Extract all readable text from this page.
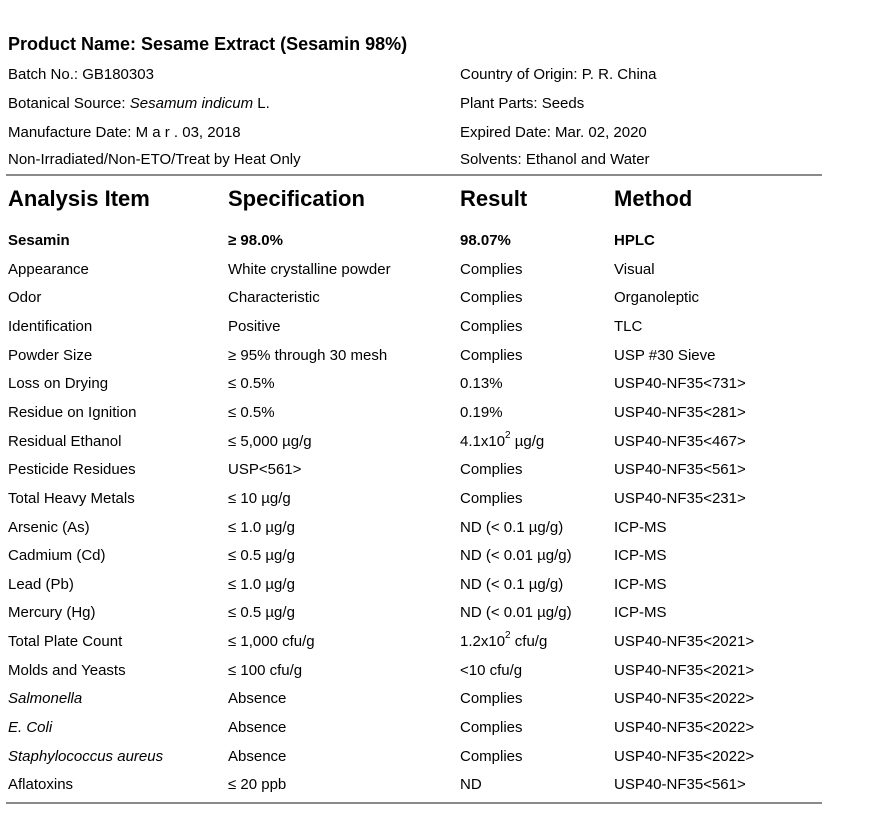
Product Name: Sesame Extract (Sesamin 98%)
Batch No.: GB180303	Country of Origin: P. R. China
Botanical Source: Sesamum indicum L.	Plant Parts: Seeds
Manufacture Date: M a r . 03, 2018	Expired Date: Mar. 02, 2020
Non-Irradiated/Non-ETO/Treat by Heat Only	Solvents: Ethanol and Water
Analysis Item	Specification	Result	Method
Sesamin	≥ 98.0%	98.07%	HPLC
Appearance	White crystalline powder	Complies	Visual
Odor	Characteristic	Complies	Organoleptic
Identification	Positive	Complies	TLC
Powder Size	≥ 95% through 30 mesh	Complies	USP #30 Sieve
Loss on Drying	≤ 0.5%	0.13%	USP40-NF35<731>
Residue on Ignition	≤ 0.5%	0.19%	USP40-NF35<281>
Residual Ethanol	≤ 5,000 µg/g	$4.1x10^2$ µg/g	USP40-NF35<467>
Pesticide Residues	USP<561>	Complies	USP40-NF35<561>
Total Heavy Metals	≤ 10 µg/g	Complies	USP40-NF35<231>
Arsenic (As)	≤ 1.0 µg/g	ND (< 0.1 µg/g)	ICP-MS
Cadmium (Cd)	≤ 0.5 µg/g	ND (< 0.01 µg/g)	ICP-MS
Lead (Pb)	≤ 1.0 µg/g	ND (< 0.1 µg/g)	ICP-MS
Mercury (Hg)	≤ 0.5 µg/g	ND (< 0.01 µg/g)	ICP-MS
Total Plate Count	≤ 1,000 cfu/g	$1.2x10^2$ cfu/g	USP40-NF35<2021>
Molds and Yeasts	≤ 100 cfu/g	<10 cfu/g	USP40-NF35<2021>
Salmonella	Absence	Complies	USP40-NF35<2022>
E. Coli	Absence	Complies	USP40-NF35<2022>
Staphylococcus aureus	Absence	Complies	USP40-NF35<2022>
Aflatoxins	≤ 20 ppb	ND	USP40-NF35<561>
